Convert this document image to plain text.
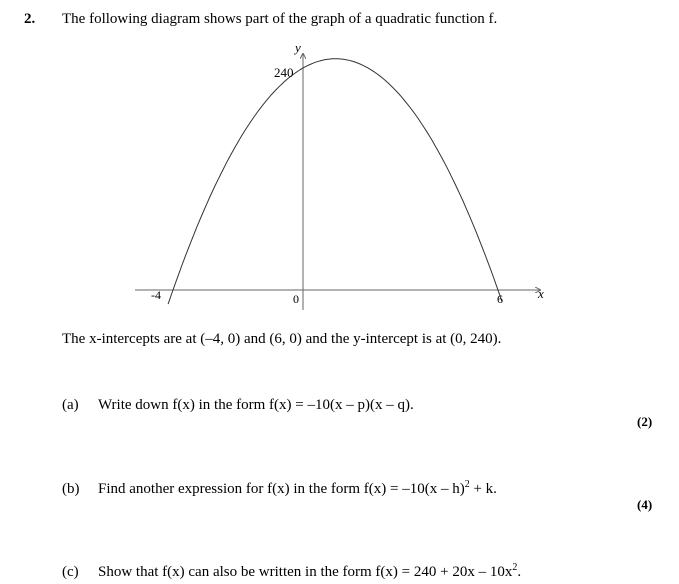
2. The following diagram shows part of the graph of a quadratic function f.
y
x
240
0
-4	6
The x-intercepts are at (–4, 0) and (6, 0) and the y-intercept is at (0, 240).
(a) Write down f(x) in the form f(x) = –10(x – p)(x – q).
(2)
(b) Find another expression for f(x) in the form f(x) = –10(x – h)$^2$ + k.
(4)
(c) Show that f(x) can also be written in the form $f(x) = 240 + 20x - 10x^2$.
